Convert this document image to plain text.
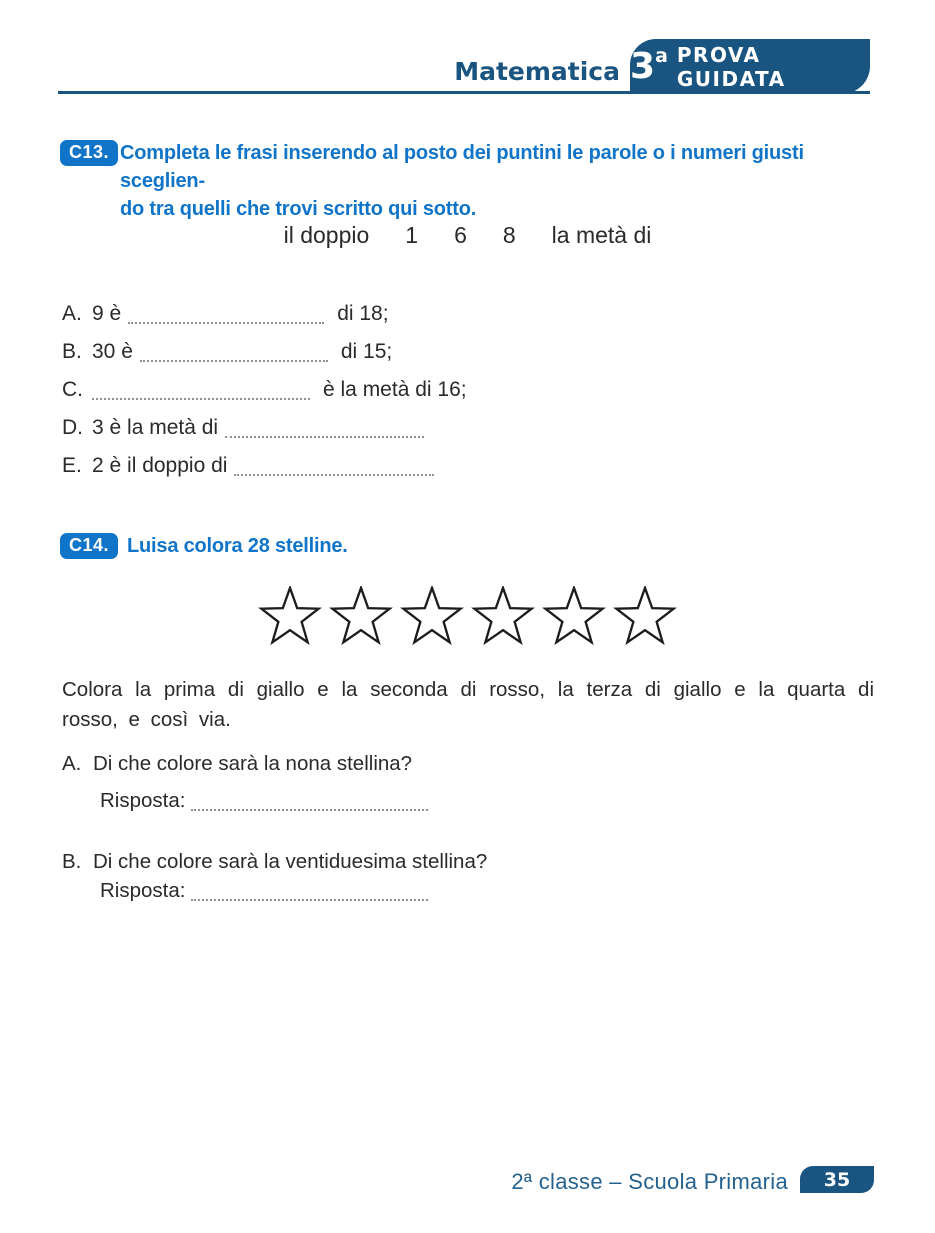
Matematica 3 a PROVA GUIDATA
C13. Completa le frasi inserendo al posto dei puntini le parole o i numeri giusti sceglien-
do tra quelli che trovi scritto qui sotto.
il doppio 1 6 8 la metà di
A. 9 è	di 18;
B. 30 è	di 15;
C.	è la metà di 16;
D. 3 è la metà di
E. 2 è il doppio di
C14. Luisa colora 28 stelline.
Colora la prima di giallo e la seconda di rosso, la terza di giallo e la quarta di rosso, e così via.
A. Di che colore sarà la nona stellina?
Risposta:
B. Di che colore sarà la ventiduesima stellina?
Risposta:
2ª classe – Scuola Primaria 35
